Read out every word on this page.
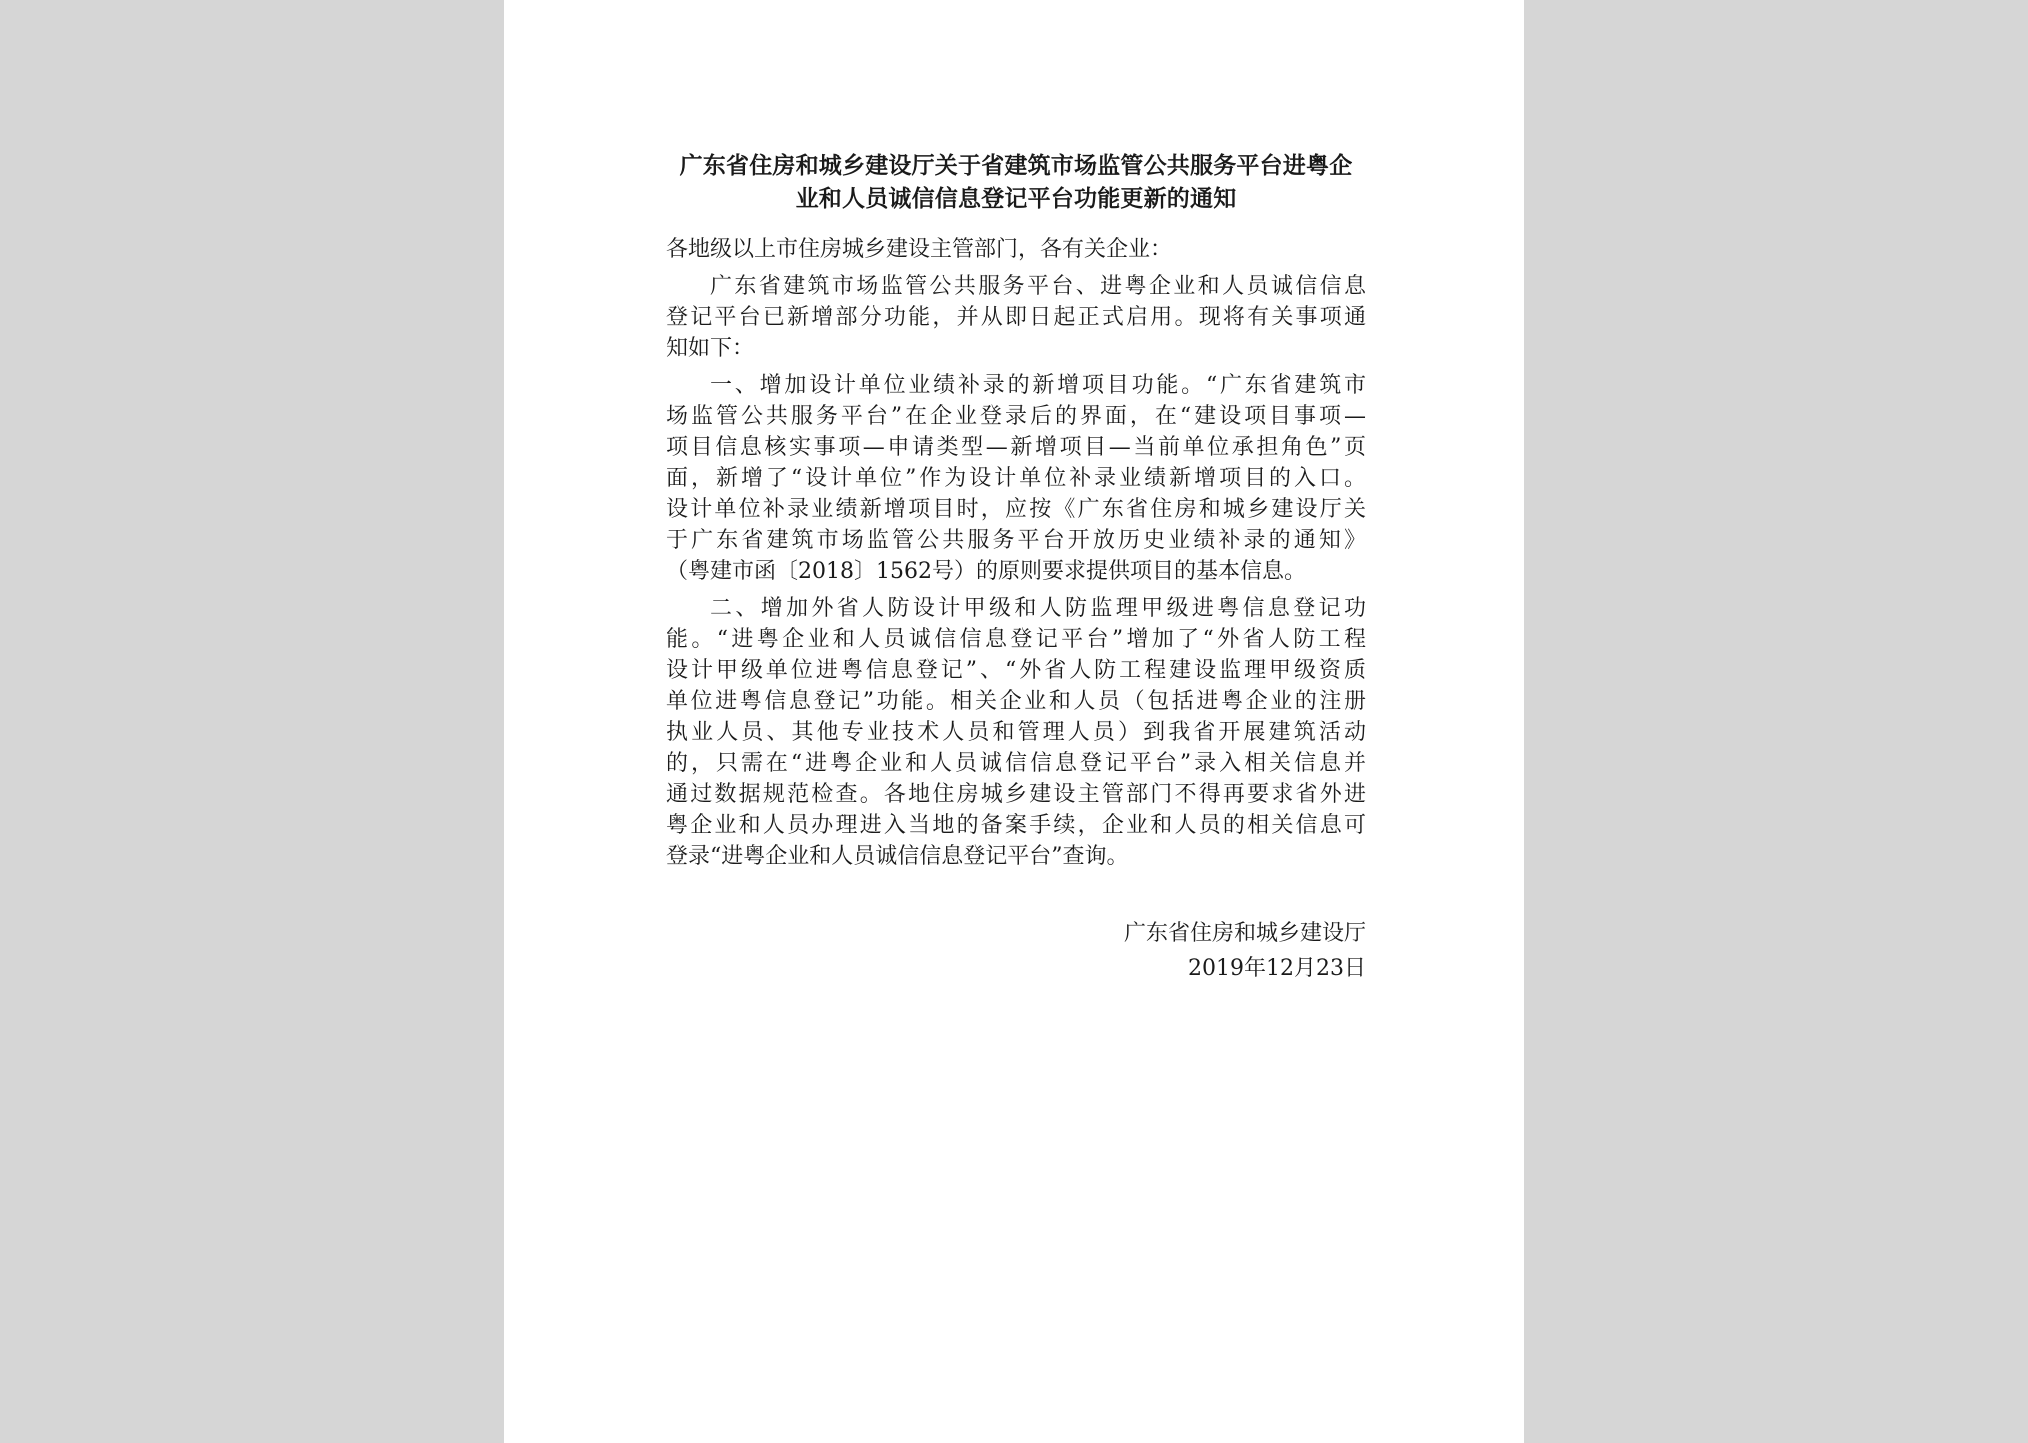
广东省住房和城乡建设厅关于省建筑市场监管公共服务平台进粤企
业和人员诚信信息登记平台功能更新的通知

各地级以上市住房城乡建设主管部门，各有关企业：

广东省建筑市场监管公共服务平台、进粤企业和人员诚信信息
登记平台已新增部分功能，并从即日起正式启用。现将有关事项通
知如下：

一、增加设计单位业绩补录的新增项目功能。“广东省建筑市
场监管公共服务平台”在企业登录后的界面，在“建设项目事项—
项目信息核实事项—申请类型—新增项目—当前单位承担角色”页
面，新增了“设计单位”作为设计单位补录业绩新增项目的入口。
设计单位补录业绩新增项目时，应按《广东省住房和城乡建设厅关
于广东省建筑市场监管公共服务平台开放历史业绩补录的通知》
（粤建市函〔2018〕1562号）的原则要求提供项目的基本信息。

二、增加外省人防设计甲级和人防监理甲级进粤信息登记功
能。“进粤企业和人员诚信信息登记平台”增加了“外省人防工程
设计甲级单位进粤信息登记”、“外省人防工程建设监理甲级资质
单位进粤信息登记”功能。相关企业和人员（包括进粤企业的注册
执业人员、其他专业技术人员和管理人员）到我省开展建筑活动
的，只需在“进粤企业和人员诚信信息登记平台”录入相关信息并
通过数据规范检查。各地住房城乡建设主管部门不得再要求省外进
粤企业和人员办理进入当地的备案手续，企业和人员的相关信息可
登录“进粤企业和人员诚信信息登记平台”查询。

广东省住房和城乡建设厅
2019年12月23日
